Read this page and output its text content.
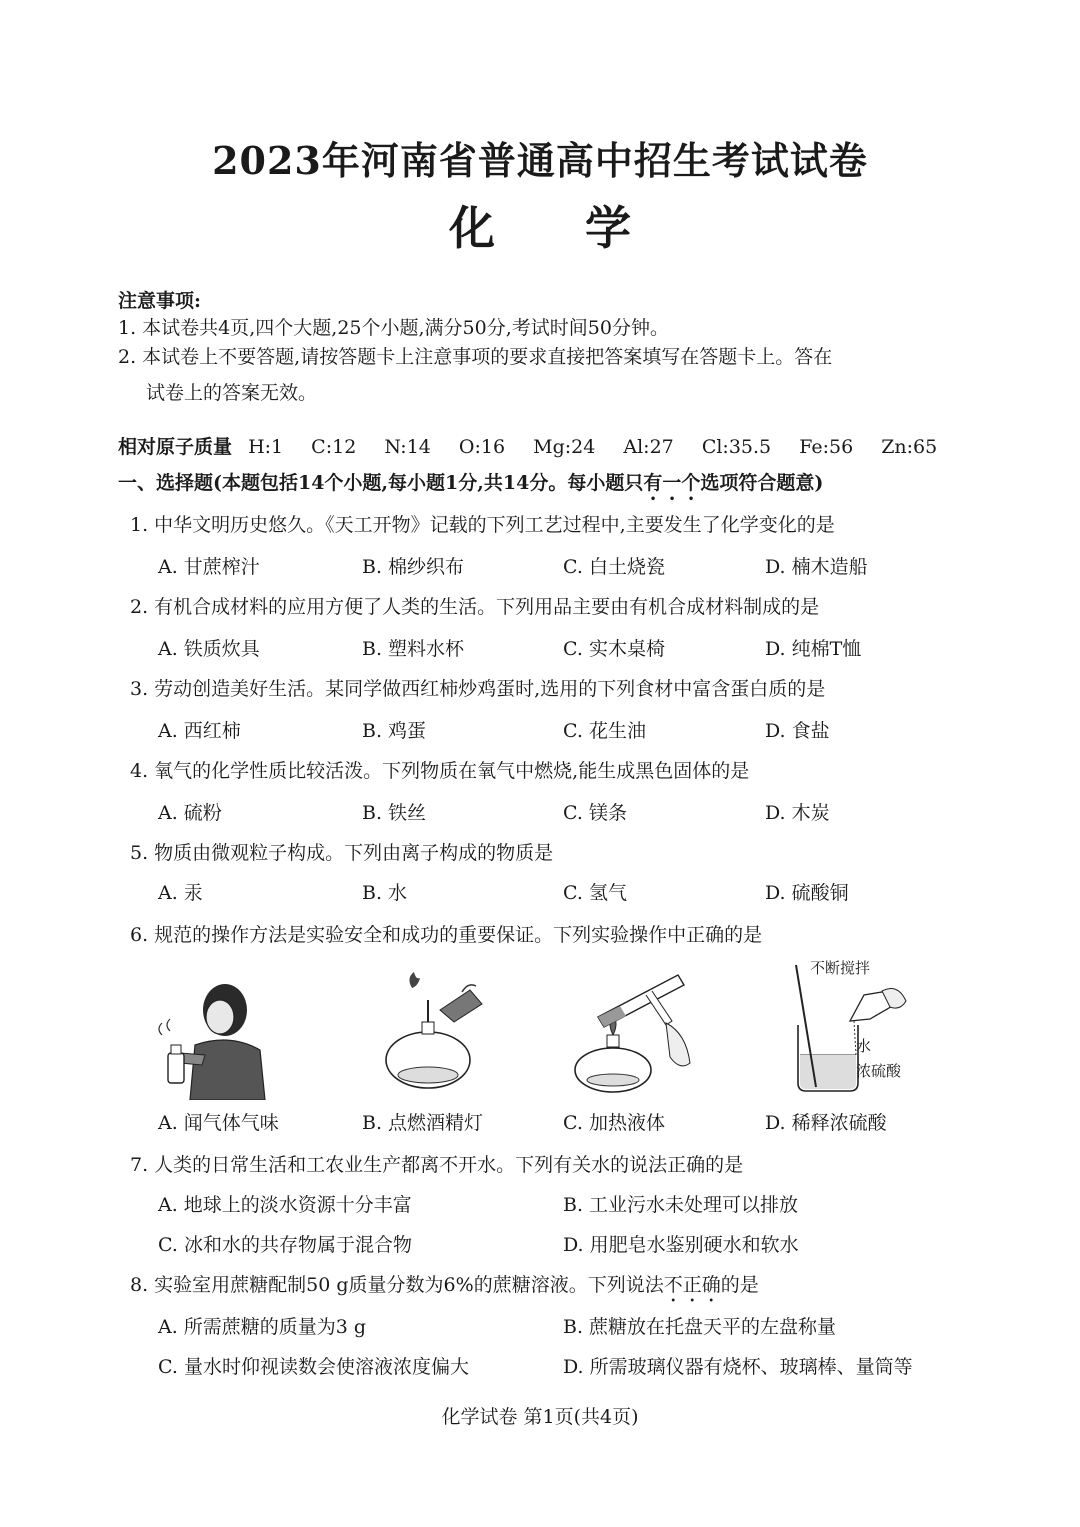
2023年河南省普通高中招生考试试卷
化学
注意事项:
1. 本试卷共4页,四个大题,25个小题,满分50分,考试时间50分钟。
2. 本试卷上不要答题,请按答题卡上注意事项的要求直接把答案填写在答题卡上。答在
试卷上的答案无效。
相对原子质量 H:1 C:12 N:14 O:16 Mg:24 Al:27 Cl:35.5 Fe:56 Zn:65
一、选择题(本题包括14个小题,每小题1分,共14分。每小题只有一个选项符合题意)
1. 中华文明历史悠久。《天工开物》记载的下列工艺过程中,主要发生了化学变化的是
A. 甘蔗榨汁	B. 棉纱织布	C. 白土烧瓷	D. 楠木造船
2. 有机合成材料的应用方便了人类的生活。下列用品主要由有机合成材料制成的是
A. 铁质炊具	B. 塑料水杯	C. 实木桌椅	D. 纯棉T恤
3. 劳动创造美好生活。某同学做西红柿炒鸡蛋时,选用的下列食材中富含蛋白质的是
A. 西红柿	B. 鸡蛋	C. 花生油	D. 食盐
4. 氧气的化学性质比较活泼。下列物质在氧气中燃烧,能生成黑色固体的是
A. 硫粉	B. 铁丝	C. 镁条	D. 木炭
5. 物质由微观粒子构成。下列由离子构成的物质是
A. 汞	B. 水	C. 氢气	D. 硫酸铜
6. 规范的操作方法是实验安全和成功的重要保证。下列实验操作中正确的是
不断搅拌
水
浓硫酸
A. 闻气体气味	B. 点燃酒精灯	C. 加热液体	D. 稀释浓硫酸
7. 人类的日常生活和工农业生产都离不开水。下列有关水的说法正确的是
A. 地球上的淡水资源十分丰富	B. 工业污水未处理可以排放
C. 冰和水的共存物属于混合物	D. 用肥皂水鉴别硬水和软水
8. 实验室用蔗糖配制50 g质量分数为6%的蔗糖溶液。下列说法不正确的是
A. 所需蔗糖的质量为3 g	B. 蔗糖放在托盘天平的左盘称量
C. 量水时仰视读数会使溶液浓度偏大	D. 所需玻璃仪器有烧杯、玻璃棒、量筒等
化学试卷 第1页(共4页)
